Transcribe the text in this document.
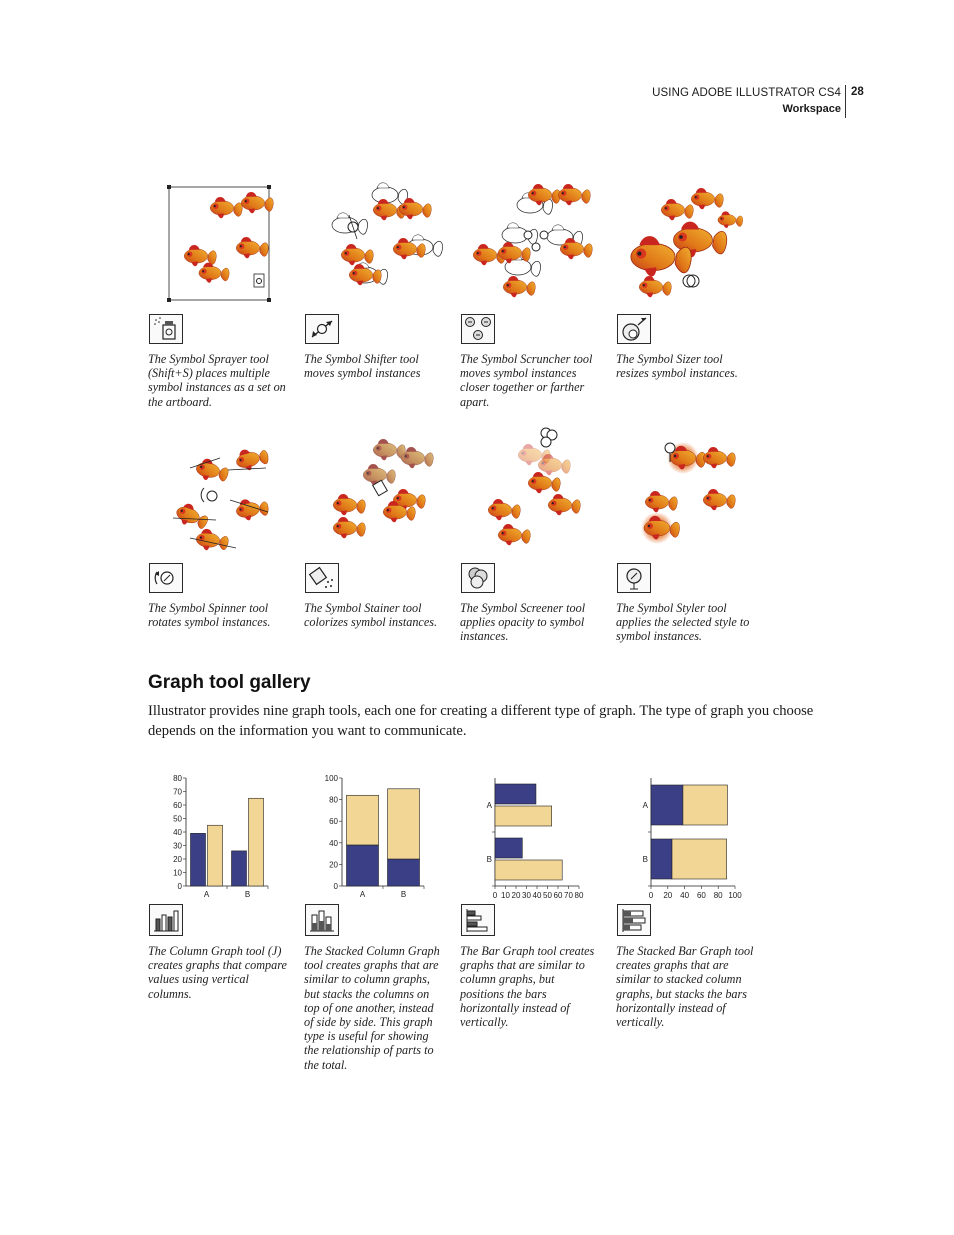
USING ADOBE ILLUSTRATOR CS4
Workspace
28
The Symbol Sprayer tool (Shift+S) places multiple symbol instances as a set on the artboard.
The Symbol Shifter tool moves symbol instances
The Symbol Scruncher tool moves symbol instances closer together or farther apart.
The Symbol Sizer tool resizes symbol instances.
The Symbol Spinner tool rotates symbol instances.
The Symbol Stainer tool colorizes symbol instances.
The Symbol Screener tool applies opacity to symbol instances.
The Symbol Styler tool applies the selected style to symbol instances.
Graph tool gallery
Illustrator provides nine graph tools, each one for creating a different type of graph. The type of graph you choose depends on the information you want to communicate.
0
10
20
30
40
50
60
70
80
A	B
0
20
40
60
80
100
A	B	0 10 20 30 40 50 60 70 80
A
B
0 20 40 60 80 100
A
B
The Column Graph tool (J) creates graphs that compare values using vertical columns.
The Stacked Column Graph tool creates graphs that are similar to column graphs, but stacks the columns on top of one another, instead of side by side. This graph type is useful for showing the relationship of parts to the total.
The Bar Graph tool creates graphs that are similar to column graphs, but positions the bars horizontally instead of vertically.
The Stacked Bar Graph tool creates graphs that are similar to stacked column graphs, but stacks the bars horizontally instead of vertically.
